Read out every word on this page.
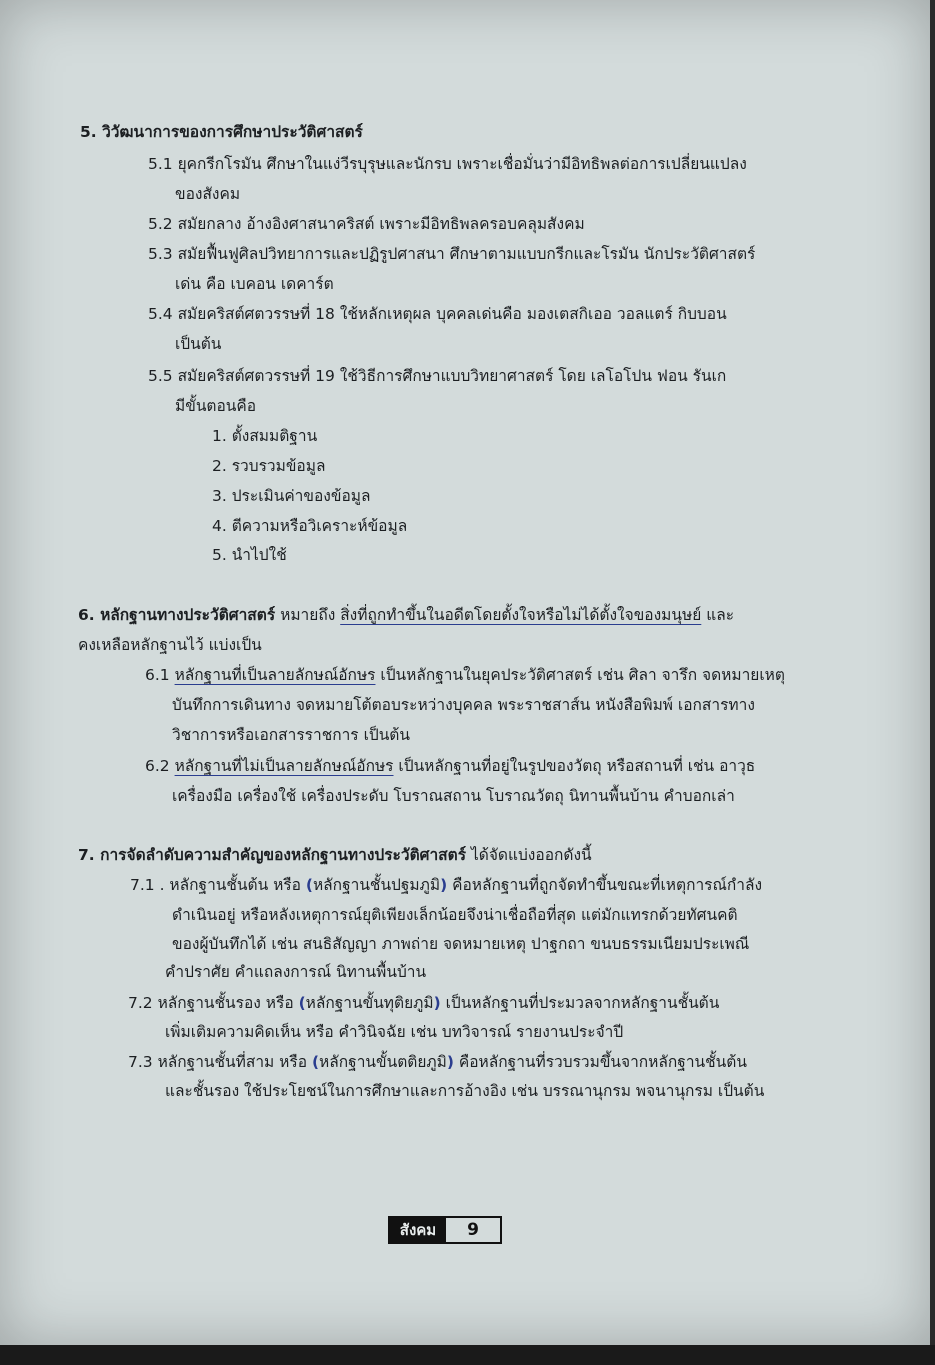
5. วิวัฒนาการของการศึกษาประวัติศาสตร์
5.1 ยุคกรีกโรมัน ศึกษาในแง่วีรบุรุษและนักรบ เพราะเชื่อมั่นว่ามีอิทธิพลต่อการเปลี่ยนแปลง
ของสังคม
5.2 สมัยกลาง อ้างอิงศาสนาคริสต์ เพราะมีอิทธิพลครอบคลุมสังคม
5.3 สมัยฟื้นฟูศิลปวิทยาการและปฏิรูปศาสนา ศึกษาตามแบบกรีกและโรมัน นักประวัติศาสตร์
เด่น คือ เบคอน เดคาร์ต
5.4 สมัยคริสต์ศตวรรษที่ 18 ใช้หลักเหตุผล บุคคลเด่นคือ มองเตสกิเออ วอลแตร์ กิบบอน
เป็นต้น
5.5 สมัยคริสต์ศตวรรษที่ 19 ใช้วิธีการศึกษาแบบวิทยาศาสตร์ โดย เลโอโปน ฟอน รันเก
มีขั้นตอนคือ
1. ตั้งสมมติฐาน
2. รวบรวมข้อมูล
3. ประเมินค่าของข้อมูล
4. ตีความหรือวิเคราะห์ข้อมูล
5. นำไปใช้
6. หลักฐานทางประวัติศาสตร์ หมายถึง สิ่งที่ถูกทำขึ้นในอดีตโดยตั้งใจหรือไม่ได้ตั้งใจของมนุษย์ และ
คงเหลือหลักฐานไว้ แบ่งเป็น
6.1 หลักฐานที่เป็นลายลักษณ์อักษร เป็นหลักฐานในยุคประวัติศาสตร์ เช่น ศิลา จารึก จดหมายเหตุ
บันทึกการเดินทาง จดหมายโต้ตอบระหว่างบุคคล พระราชสาส์น หนังสือพิมพ์ เอกสารทาง
วิชาการหรือเอกสารราชการ เป็นต้น
6.2 หลักฐานที่ไม่เป็นลายลักษณ์อักษร เป็นหลักฐานที่อยู่ในรูปของวัตถุ หรือสถานที่ เช่น อาวุธ
เครื่องมือ เครื่องใช้ เครื่องประดับ โบราณสถาน โบราณวัตถุ นิทานพื้นบ้าน คำบอกเล่า
7. การจัดลำดับความสำคัญของหลักฐานทางประวัติศาสตร์ ได้จัดแบ่งออกดังนี้
7.1 . หลักฐานชั้นต้น หรือ (หลักฐานชั้นปฐมภูมิ) คือหลักฐานที่ถูกจัดทำขึ้นขณะที่เหตุการณ์กำลัง
ดำเนินอยู่ หรือหลังเหตุการณ์ยุติเพียงเล็กน้อยจึงน่าเชื่อถือที่สุด แต่มักแทรกด้วยทัศนคติ
ของผู้บันทึกได้ เช่น สนธิสัญญา ภาพถ่าย จดหมายเหตุ ปาฐกถา ขนบธรรมเนียมประเพณี
คำปราศัย คำแถลงการณ์ นิทานพื้นบ้าน
7.2 หลักฐานชั้นรอง หรือ (หลักฐานขั้นทุติยภูมิ) เป็นหลักฐานที่ประมวลจากหลักฐานชั้นต้น
เพิ่มเติมความคิดเห็น หรือ คำวินิจฉัย เช่น บทวิจารณ์ รายงานประจำปี
7.3 หลักฐานชั้นที่สาม หรือ (หลักฐานขั้นตติยภูมิ) คือหลักฐานที่รวบรวมขึ้นจากหลักฐานชั้นต้น
และชั้นรอง ใช้ประโยชน์ในการศึกษาและการอ้างอิง เช่น บรรณานุกรม พจนานุกรม เป็นต้น
สังคม	9
